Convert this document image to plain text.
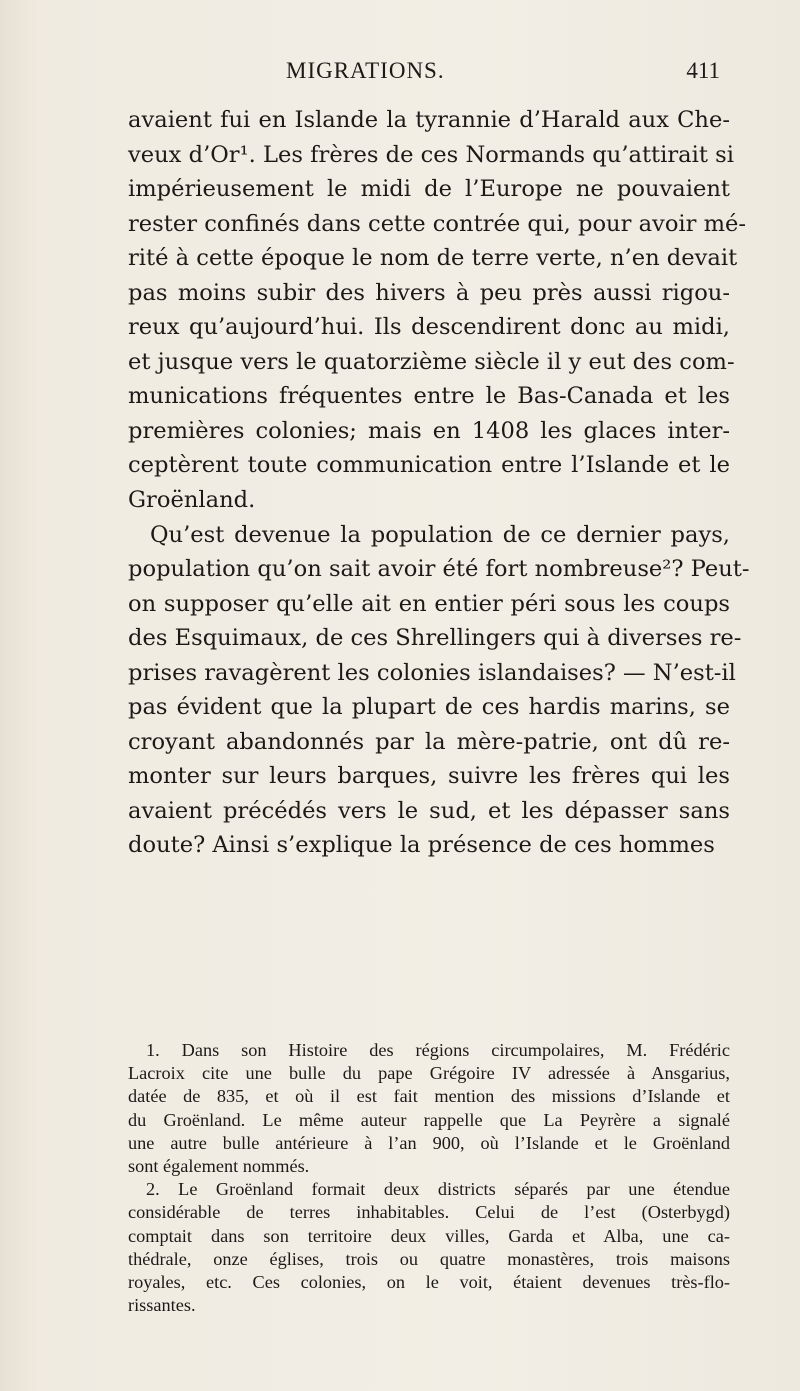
MIGRATIONS.	411
avaient fui en Islande la tyrannie d’Harald aux Che-
veux d’Or¹. Les frères de ces Normands qu’attirait si
impérieusement le midi de l’Europe ne pouvaient
rester confinés dans cette contrée qui, pour avoir mé-
rité à cette époque le nom de terre verte, n’en devait
pas moins subir des hivers à peu près aussi rigou-
reux qu’aujourd’hui. Ils descendirent donc au midi,
et jusque vers le quatorzième siècle il y eut des com-
munications fréquentes entre le Bas-Canada et les
premières colonies; mais en 1408 les glaces inter-
ceptèrent toute communication entre l’Islande et le
Groënland.
Qu’est devenue la population de ce dernier pays,
population qu’on sait avoir été fort nombreuse²? Peut-
on supposer qu’elle ait en entier péri sous les coups
des Esquimaux, de ces Shrellingers qui à diverses re-
prises ravagèrent les colonies islandaises? — N’est-il
pas évident que la plupart de ces hardis marins, se
croyant abandonnés par la mère-patrie, ont dû re-
monter sur leurs barques, suivre les frères qui les
avaient précédés vers le sud, et les dépasser sans
doute? Ainsi s’explique la présence de ces hommes
1. Dans son Histoire des régions circumpolaires, M. Frédéric
Lacroix cite une bulle du pape Grégoire IV adressée à Ansgarius,
datée de 835, et où il est fait mention des missions d’Islande et
du Groënland. Le même auteur rappelle que La Peyrère a signalé
une autre bulle antérieure à l’an 900, où l’Islande et le Groënland
sont également nommés.
2. Le Groënland formait deux districts séparés par une étendue
considérable de terres inhabitables. Celui de l’est (Osterbygd)
comptait dans son territoire deux villes, Garda et Alba, une ca-
thédrale, onze églises, trois ou quatre monastères, trois maisons
royales, etc. Ces colonies, on le voit, étaient devenues très-flo-
rissantes.
